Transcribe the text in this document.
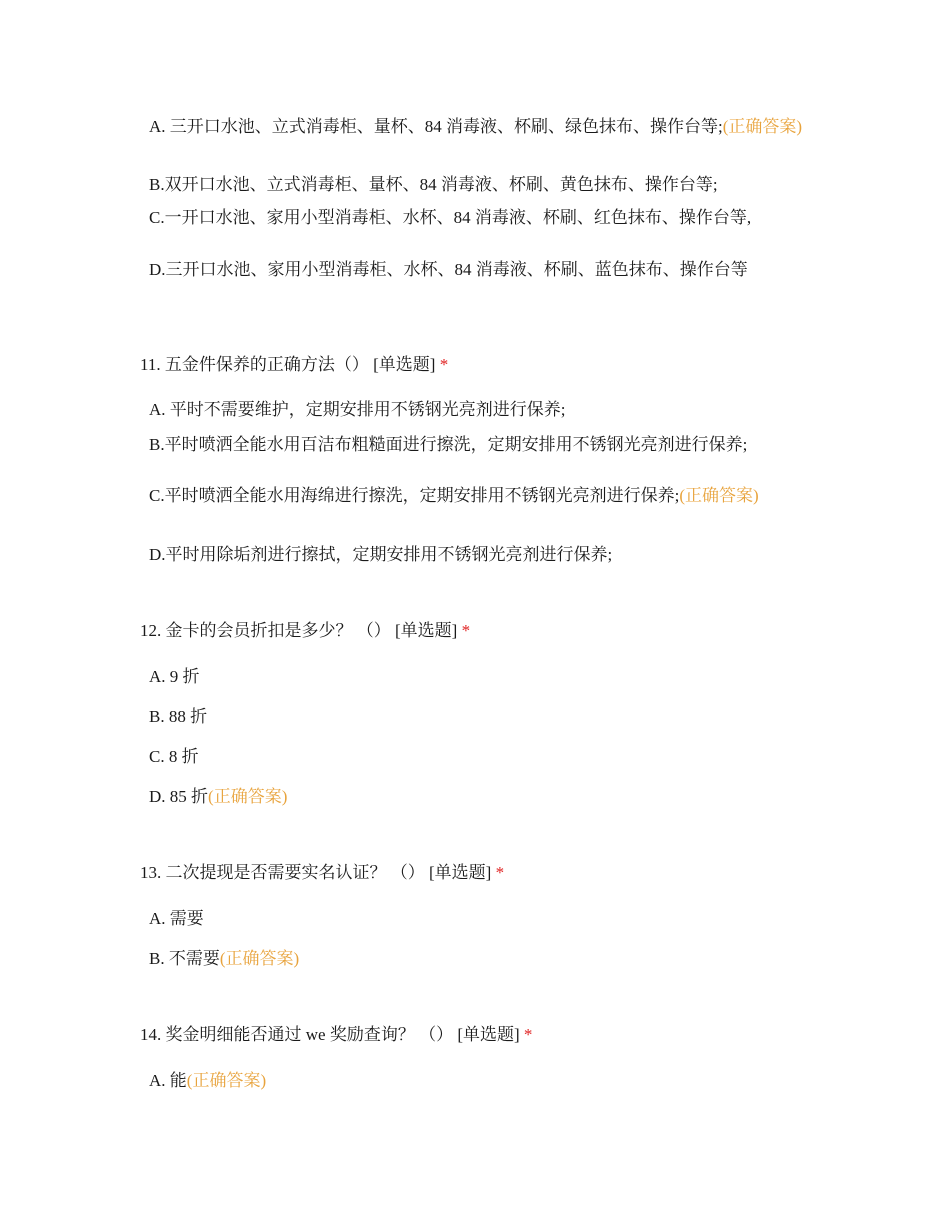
A. 三开口水池、立式消毒柜、量杯、84 消毒液、杯刷、绿色抹布、操作台等;(正确答案)
B.双开口水池、立式消毒柜、量杯、84 消毒液、杯刷、黄色抹布、操作台等;
C.一开口水池、家用小型消毒柜、水杯、84 消毒液、杯刷、红色抹布、操作台等,
D.三开口水池、家用小型消毒柜、水杯、84 消毒液、杯刷、蓝色抹布、操作台等
11. 五金件保养的正确方法（） [单选题] *
A. 平时不需要维护，定期安排用不锈钢光亮剂进行保养;
B.平时喷洒全能水用百洁布粗糙面进行擦洗，定期安排用不锈钢光亮剂进行保养;
C.平时喷洒全能水用海绵进行擦洗，定期安排用不锈钢光亮剂进行保养;(正确答案)
D.平时用除垢剂进行擦拭，定期安排用不锈钢光亮剂进行保养;
12. 金卡的会员折扣是多少？ （） [单选题] *
A. 9 折
B. 88 折
C. 8 折
D. 85 折(正确答案)
13. 二次提现是否需要实名认证？ （） [单选题] *
A. 需要
B. 不需要(正确答案)
14. 奖金明细能否通过 we 奖励查询？ （） [单选题] *
A. 能(正确答案)
